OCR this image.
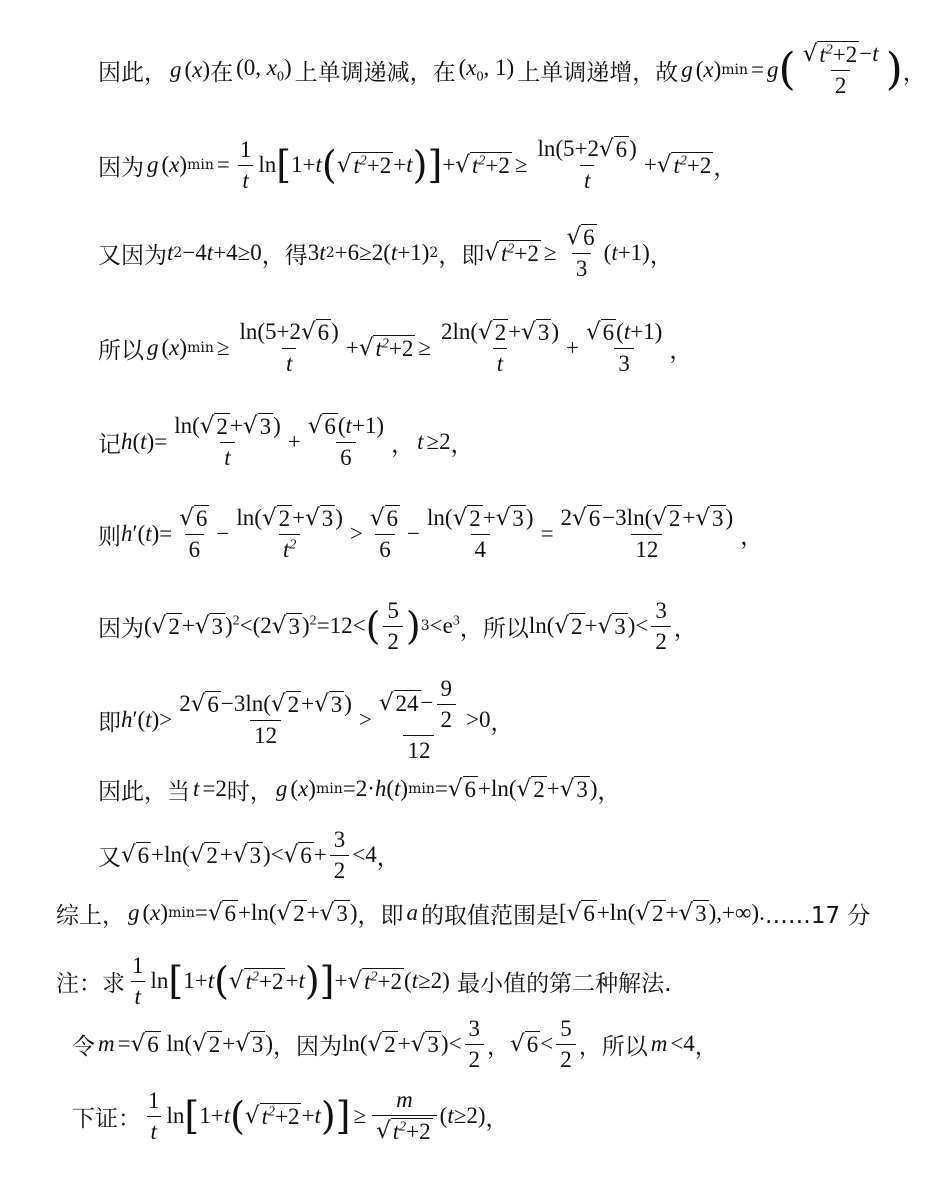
因此， g ( x ) 在 (0, $x_0$) 上单调递减，在 ($x_0$, 1) 上单调递增，故 g ( x ) min = g ( $\frac{√ t^2+2 -t}{2}$ ) ，
因为 g ( x ) $\min = \frac{1}{t}$ ln [ 1+ t ( √ $t^2+2 + t$ ) ] + √ $t^2+2 \ge \frac{\ln(5+2 √ 6 )}{t}$ + √ $t^2+2$ ，
又因为 t 2 −4 t +4≥0 ，得 3 t 2 +6≥2( t +1) 2 ，即 √ $t^2+2 \ge \frac{√ 6}{3}$ ( t +1) ，
所以 g ( x ) $\min \ge \frac{\ln(5+2 √ 6 )}{t}$ + √ $t^2+2 \ge \frac{2\ln( √ 2 + √ 3 )}{t} + \frac{√ 6 (t+1)}{3}$ ，
记 h ( t )= $\frac{\ln( √ 2 + √ 3 )}{t} + \frac{√ 6 (t+1)}{6}$ ， t ≥2 ，
则 h ′( t )= $\frac{√ 6}{6} - \frac{\ln( √ 2 + √ 3 )}{t^2} > \frac{√ 6}{6} - \frac{\ln( √ 2 + √ 3 )}{4} = \frac{2 √ 6 -3\ln( √ 2 + √ 3 )}{12}$ ，
因为 ( √ 2 + √ 3 )$^2$<(2 √ 3 )$^2$=12< ( $\frac{5}{2}$ ) $3 <e^3$ ，所以 ln( √ 2 + √ 3 )< $\frac{3}{2}$ ，
即 h ′( t )> $\frac{2 √ 6 -3\ln( √ 2 + √ 3 )}{12} > \frac{√ 24 - \frac{9}{2}}{12} >0$ ，
因此，当 t =2 时， g ( x ) min =2· h ( t ) min = √ 6 +ln( √ 2 + √ 3 ) ，
又 √ 6 +ln( √ 2 + √ 3 )< √ $6 + \frac{3}{2} <4$ ，
综上， g ( x ) min = √ 6 +ln( √ 2 + √ 3 ) ，即 a 的取值范围是 [ √ 6 +ln( √ 2 + √ 3 ),+∞). ……17 分
注：求 $\frac{1}{t}$ ln [ 1+ t ( √ $t^2+2 + t$ ) ] + √ $t^2+2$ ( t ≥2)
最小值的第二种解法.
令 m = √ 6 ln( √ 2 + √ 3 ) ，因为 ln( √ 2 + √ 3 )< $\frac{3}{2}$ ， √ $6 < \frac{5}{2}$ ，所以 m <4 ，
下证： $\frac{1}{t}$ ln [ 1+ t ( √ $t^2+2 + t$ ) ] ≥ $\frac{m}{√ t^2+2}$ ( t ≥2) ，
